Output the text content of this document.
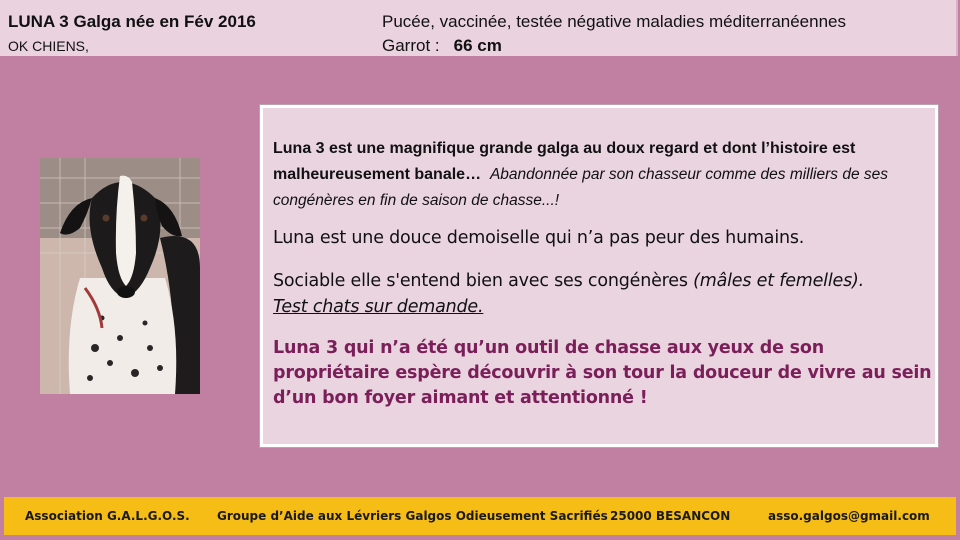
LUNA 3 Galga née en Fév 2016
OK CHIENS,
Pucée, vaccinée, testée négative maladies méditerranéennes
Garrot : 66 cm
Luna 3 est une magnifique grande galga au doux regard et dont l’histoire est malheureusement banale… Abandonnée par son chasseur comme des milliers de ses congénères en fin de saison de chasse...!
Luna est une douce demoiselle qui n’a pas peur des humains.
Sociable elle s'entend bien avec ses congénères (mâles et femelles).
Test chats sur demande.
Luna 3 qui n’a été qu’un outil de chasse aux yeux de son propriétaire espère découvrir à son tour la douceur de vivre au sein d’un bon foyer aimant et attentionné !
Association G.A.L.G.O.S. Groupe d’Aide aux Lévriers Galgos Odieusement Sacrifiés 25000 BESANCON	asso.galgos@gmail.com
